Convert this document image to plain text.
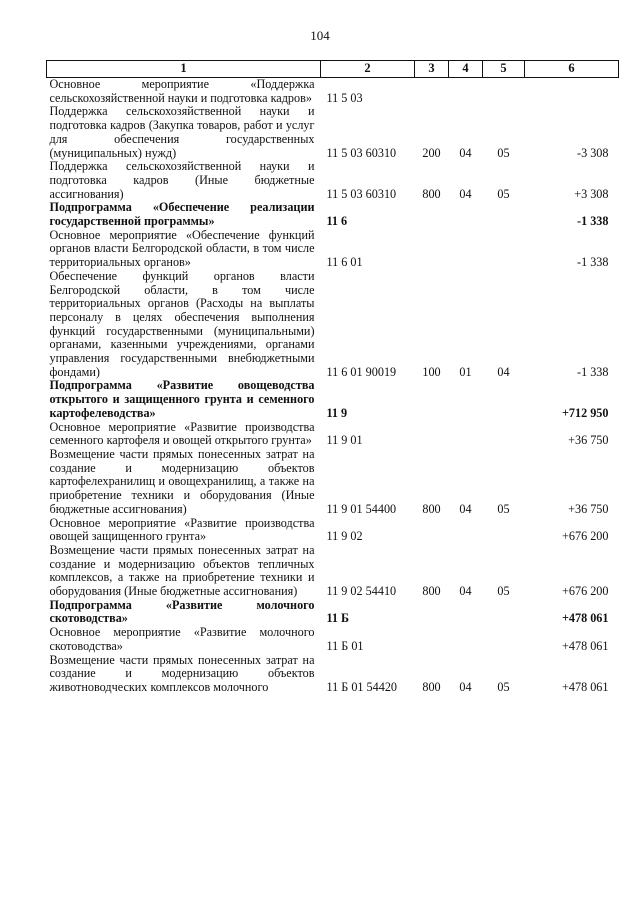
104
1	2	3	4	5	6
Основное мероприятие «Поддержка сельскохозяйственной науки и подготовка кадров»	11 5 03				
Поддержка сельскохозяйственной науки и подготовка кадров (Закупка товаров, работ и услуг для обеспечения государственных (муниципальных) нужд)	11 5 03 60310	200	04	05	-3 308
Поддержка сельскохозяйственной науки и подготовка кадров (Иные бюджетные ассигнования)	11 5 03 60310	800	04	05	+3 308
Подпрограмма «Обеспечение реализации государственной программы»	11 6				-1 338
Основное мероприятие «Обеспечение функций органов власти Белгородской области, в том числе территориальных органов»	11 6 01				-1 338
Обеспечение функций органов власти Белгородской области, в том числе территориальных органов (Расходы на выплаты персоналу в целях обеспечения выполнения функций государственными (муниципальными) органами, казенными учреждениями, органами управления государственными внебюджетными фондами)	11 6 01 90019	100	01	04	-1 338
Подпрограмма «Развитие овощеводства открытого и защищенного грунта и семенного картофелеводства»	11 9				+712 950
Основное мероприятие «Развитие производства семенного картофеля и овощей открытого грунта»	11 9 01				+36 750
Возмещение части прямых понесенных затрат на создание и модернизацию объектов картофелехранилищ и овощехранилищ, а также на приобретение техники и оборудования (Иные бюджетные ассигнования)	11 9 01 54400	800	04	05	+36 750
Основное мероприятие «Развитие производства овощей защищенного грунта»	11 9 02				+676 200
Возмещение части прямых понесенных затрат на создание и модернизацию объектов тепличных комплексов, а также на приобретение техники и оборудования (Иные бюджетные ассигнования)	11 9 02 54410	800	04	05	+676 200
Подпрограмма «Развитие молочного скотоводства»	11 Б				+478 061
Основное мероприятие «Развитие молочного скотоводства»	11 Б 01				+478 061
Возмещение части прямых понесенных затрат на создание и модернизацию объектов животноводческих комплексов молочного	11 Б 01 54420	800	04	05	+478 061
